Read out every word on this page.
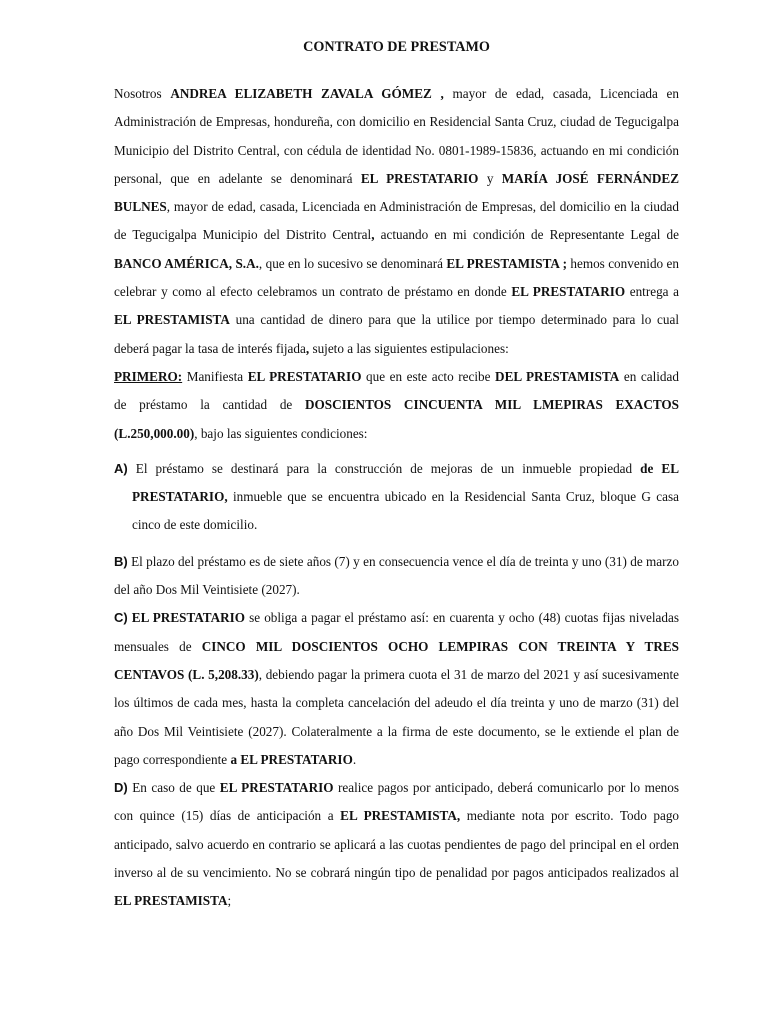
CONTRATO DE PRESTAMO

Nosotros ANDREA ELIZABETH ZAVALA GÓMEZ , mayor de edad, casada, Licenciada en Administración de Empresas, hondureña, con domicilio en Residencial Santa Cruz, ciudad de Tegucigalpa Municipio del Distrito Central, con cédula de identidad No. 0801-1989-15836, actuando en mi condición personal, que en adelante se denominará EL PRESTATARIO y MARÍA JOSÉ FERNÁNDEZ BULNES, mayor de edad, casada, Licenciada en Administración de Empresas, del domicilio en la ciudad de Tegucigalpa Municipio del Distrito Central, actuando en mi condición de Representante Legal de BANCO AMÉRICA, S.A., que en lo sucesivo se denominará EL PRESTAMISTA ; hemos convenido en celebrar y como al efecto celebramos un contrato de préstamo en donde EL PRESTATARIO entrega a EL PRESTAMISTA una cantidad de dinero para que la utilice por tiempo determinado para lo cual deberá pagar la tasa de interés fijada, sujeto a las siguientes estipulaciones:

PRIMERO: Manifiesta EL PRESTATARIO que en este acto recibe DEL PRESTAMISTA en calidad de préstamo la cantidad de DOSCIENTOS CINCUENTA MIL LMEPIRAS EXACTOS (L.250,000.00), bajo las siguientes condiciones:

A) El préstamo se destinará para la construcción de mejoras de un inmueble propiedad de EL PRESTATARIO, inmueble que se encuentra ubicado en la Residencial Santa Cruz, bloque G casa cinco de este domicilio.

B) El plazo del préstamo es de siete años (7) y en consecuencia vence el día de treinta y uno (31) de marzo del año Dos Mil Veintisiete (2027).

C) EL PRESTATARIO se obliga a pagar el préstamo así: en cuarenta y ocho (48) cuotas fijas niveladas mensuales de CINCO MIL DOSCIENTOS OCHO LEMPIRAS CON TREINTA Y TRES CENTAVOS (L. 5,208.33), debiendo pagar la primera cuota el 31 de marzo del 2021 y así sucesivamente los últimos de cada mes, hasta la completa cancelación del adeudo el día treinta y uno de marzo (31) del año Dos Mil Veintisiete (2027). Colateralmente a la firma de este documento, se le extiende el plan de pago correspondiente a EL PRESTATARIO.

D) En caso de que EL PRESTATARIO realice pagos por anticipado, deberá comunicarlo por lo menos con quince (15) días de anticipación a EL PRESTAMISTA, mediante nota por escrito. Todo pago anticipado, salvo acuerdo en contrario se aplicará a las cuotas pendientes de pago del principal en el orden inverso al de su vencimiento. No se cobrará ningún tipo de penalidad por pagos anticipados realizados al EL PRESTAMISTA;
